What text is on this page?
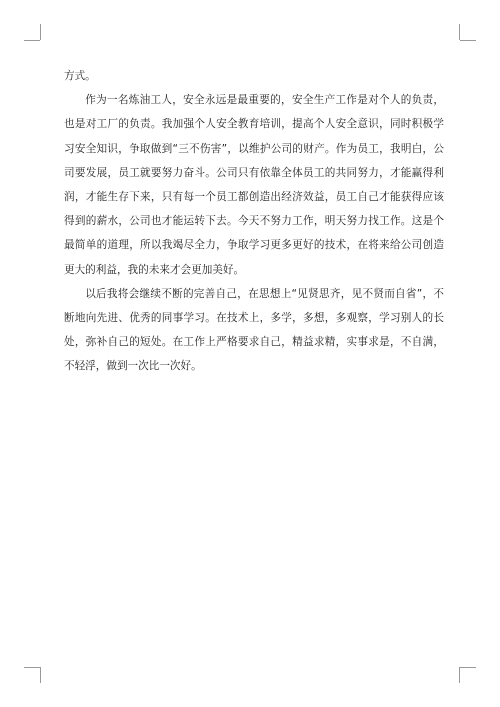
方式。

作为一名炼油工人，安全永远是最重要的，安全生产工作是对个人的负责，也是对工厂的负责。我加强个人安全教育培训，提高个人安全意识，同时积极学习安全知识，争取做到“三不伤害”，以维护公司的财产。作为员工，我明白，公司要发展，员工就要努力奋斗。公司只有依靠全体员工的共同努力，才能赢得利润，才能生存下来，只有每一个员工都创造出经济效益，员工自己才能获得应该得到的薪水，公司也才能运转下去。今天不努力工作，明天努力找工作。这是个最简单的道理，所以我竭尽全力，争取学习更多更好的技术，在将来给公司创造更大的利益，我的未来才会更加美好。

以后我将会继续不断的完善自己，在思想上“见贤思齐，见不贤而自省”，不断地向先进、优秀的同事学习。在技术上，多学，多想，多观察，学习别人的长处，弥补自己的短处。在工作上严格要求自己，精益求精，实事求是，不自满，不轻浮，做到一次比一次好。
